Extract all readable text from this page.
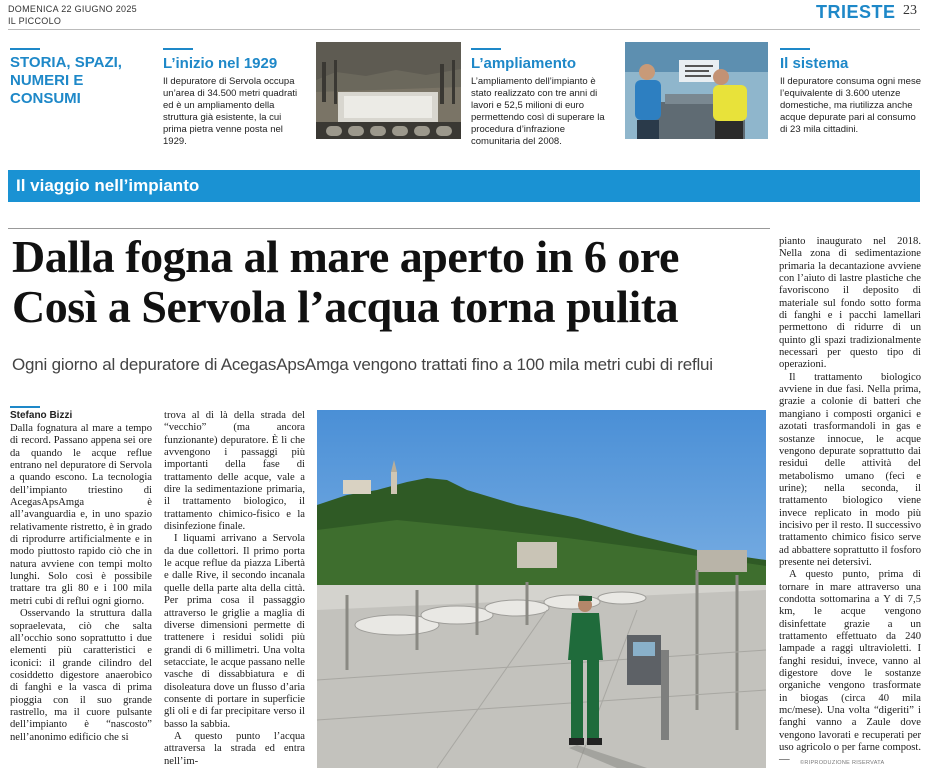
DOMENICA 22 GIUGNO 2025
IL PICCOLO	TRIESTE 23
STORIA, SPAZI, NUMERI E CONSUMI
L’inizio nel 1929
Il depuratore di Servola occupa un’area di 34.500 metri quadrati ed è un ampliamento della struttura già esistente, la cui prima pietra venne posta nel 1929.
L’ampliamento
L’ampliamento dell’impianto è stato realizzato con tre anni di lavori e 52,5 milioni di euro permettendo così di superare la procedura d’infrazione comunitaria del 2008.
Il sistema
Il depuratore consuma ogni mese l’equivalente di 3.600 utenze domestiche, ma riutilizza anche acque depurate pari al consumo di 23 mila cittadini.
Il viaggio nell’impianto
Dalla fogna al mare aperto in 6 ore
Così a Servola l’acqua torna pulita
Ogni giorno al depuratore di AcegasApsAmga vengono trattati fino a 100 mila metri cubi di reflui
Stefano Bizzi

Dalla fognatura al mare a tempo di record. Passano appena sei ore da quando le acque reflue entrano nel depuratore di Servola a quando escono. La tecnologia dell’impianto triestino di AcegasApsAmga è all’avanguardia e, in uno spazio relativamente ristretto, è in grado di riprodurre artificialmente e in modo piuttosto rapido ciò che in natura avviene con tempi molto lunghi. Solo così è possibile trattare tra gli 80 e i 100 mila metri cubi di reflui ogni giorno.

Osservando la struttura dalla sopraelevata, ciò che salta all’occhio sono soprattutto i due elementi più caratteristici e iconici: il grande cilindro del cosiddetto digestore anaerobico di fanghi e la vasca di prima pioggia con il suo grande rastrello, ma il cuore pulsante dell’impianto è “nascosto” nell’anonimo edificio che si

trova al di là della strada del “vecchio” (ma ancora funzionante) depuratore. È lì che avvengono i passaggi più importanti della fase di trattamento delle acque, vale a dire la sedimentazione primaria, il trattamento biologico, il trattamento chimico-fisico e la disinfezione finale.

I liquami arrivano a Servola da due collettori. Il primo porta le acque reflue da piazza Libertà e dalle Rive, il secondo incanala quelle della parte alta della città. Per prima cosa il passaggio attraverso le griglie a maglia di diverse dimensioni permette di trattenere i residui solidi più grandi di 6 millimetri. Una volta setacciate, le acque passano nelle vasche di dissabbiatura e di disoleatura dove un flusso d’aria consente di portare in superficie gli oli e di far precipitare verso il basso la sabbia.

A questo punto l’acqua attraversa la strada ed entra nell’im-

pianto inaugurato nel 2018. Nella zona di sedimentazione primaria la decantazione avviene con l’aiuto di lastre plastiche che favoriscono il deposito di materiale sul fondo sotto forma di fanghi e i pacchi lamellari permettono di ridurre di un quinto gli spazi tradizionalmente necessari per questo tipo di operazioni.

Il trattamento biologico avviene in due fasi. Nella prima, grazie a colonie di batteri che mangiano i composti organici e azotati trasformandoli in gas e sostanze innocue, le acque vengono depurate soprattutto dai residui delle attività del metabolismo umano (feci e urine); nella seconda, il trattamento biologico viene invece replicato in modo più incisivo per il resto. Il successivo trattamento chimico fisico serve ad abbattere soprattutto il fosforo presente nei detersivi.

A questo punto, prima di tornare in mare attraverso una condotta sottomarina a Y di 7,5 km, le acque vengono disinfettate grazie a un trattamento effettuato da 240 lampade a raggi ultravioletti. I fanghi residui, invece, vanno al digestore dove le sostanze organiche vengono trasformate in biogas (circa 40 mila mc/mese). Una volta “digeriti” i fanghi vanno a Zaule dove vengono lavorati e recuperati per uso agricolo o per farne compost. —	©RIPRODUZIONE RISERVATA
